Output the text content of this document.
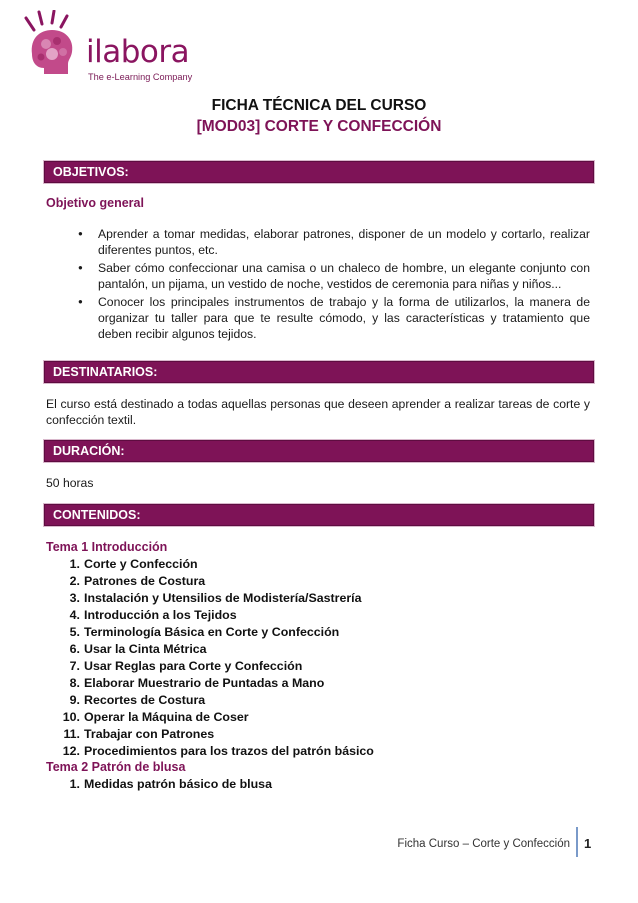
ilabora
The e-Learning Company
FICHA TÉCNICA DEL CURSO
[MOD03] CORTE Y CONFECCIÓN
OBJETIVOS:
Objetivo general
● Aprender a tomar medidas, elaborar patrones, disponer de un modelo y cortarlo, realizar diferentes puntos, etc.
● Saber cómo confeccionar una camisa o un chaleco de hombre, un elegante conjunto con pantalón, un pijama, un vestido de noche, vestidos de ceremonia para niñas y niños...
● Conocer los principales instrumentos de trabajo y la forma de utilizarlos, la manera de organizar tu taller para que te resulte cómodo, y las características y tratamiento que deben recibir algunos tejidos.
DESTINATARIOS:
El curso está destinado a todas aquellas personas que deseen aprender a realizar tareas de corte y confección textil.
DURACIÓN:
50 horas
CONTENIDOS:
Tema 1 Introducción
1. Corte y Confección
2. Patrones de Costura
3. Instalación y Utensilios de Modistería/Sastrería
4. Introducción a los Tejidos
5. Terminología Básica en Corte y Confección
6. Usar la Cinta Métrica
7. Usar Reglas para Corte y Confección
8. Elaborar Muestrario de Puntadas a Mano
9. Recortes de Costura
10. Operar la Máquina de Coser
11. Trabajar con Patrones
12. Procedimientos para los trazos del patrón básico
Tema 2 Patrón de blusa
1. Medidas patrón básico de blusa
Ficha Curso – Corte y Confección 1
